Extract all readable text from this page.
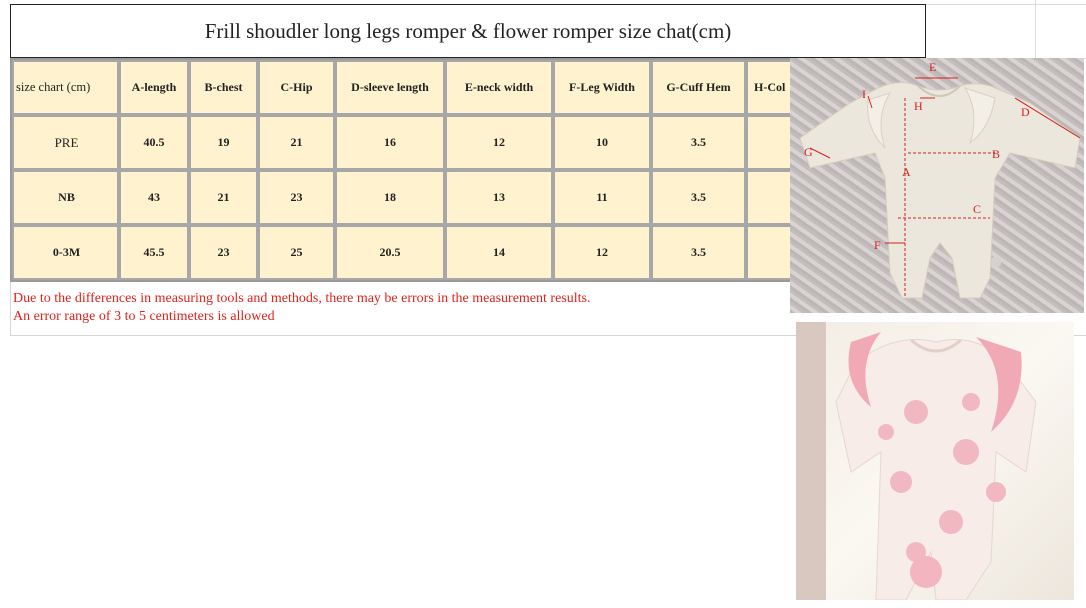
Frill shoudler long legs romper & flower romper size chat(cm)
size chart (cm)	A-length	B-chest	C-Hip	D-sleeve length	E-neck width	F-Leg Width	G-Cuff Hem	H-Col
PRE	40.5	19	21	16	12	10	3.5	
NB	43	21	23	18	13	11	3.5	
0-3M	45.5	23	25	20.5	14	12	3.5	
Due to the differences in measuring tools and methods, there may be errors in the measurement results.
An error range of 3 to 5 centimeters is allowed
E
I
H	D
G	B
A
C
F
